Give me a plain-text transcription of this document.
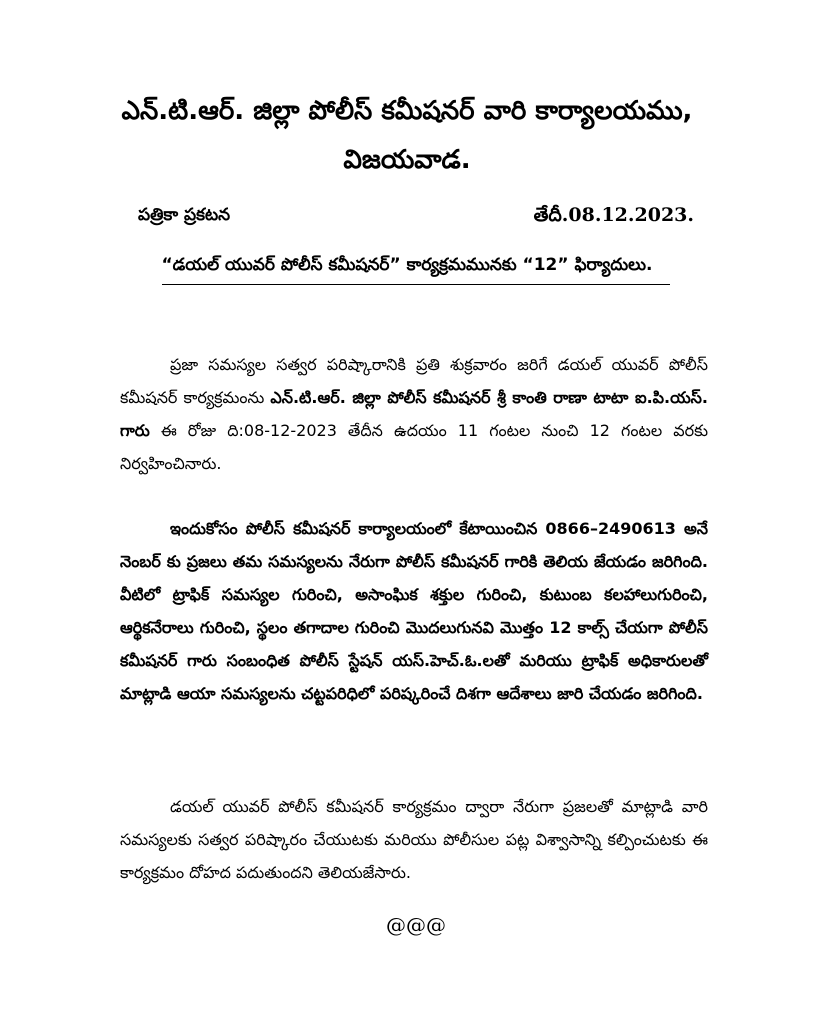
ఎన్.టి.ఆర్. జిల్లా పోలీస్ కమీషనర్ వారి కార్యాలయము,
విజయవాడ.
పత్రికా ప్రకటన	తేదీ.08.12.2023.
“డయల్ యువర్ పోలీస్ కమీషనర్” కార్యక్రమమునకు “12” ఫిర్యాదులు.

ప్రజా సమస్యల సత్వర పరిష్కారానికి ప్రతి శుక్రవారం జరిగే డయల్ యువర్ పోలీస్ కమీషనర్ కార్యక్రమంను ఎన్.టి.ఆర్. జిల్లా పోలీస్ కమీషనర్ శ్రీ కాంతి రాణా టాటా ఐ.పి.యస్. గారు ఈ రోజు ది:08-12-2023 తేదీన ఉదయం 11 గంటల నుంచి 12 గంటల వరకు నిర్వహించినారు.

ఇందుకోసం పోలీస్ కమీషనర్ కార్యాలయంలో కేటాయించిన 0866–2490613 అనే నెంబర్ కు ప్రజలు తమ సమస్యలను నేరుగా పోలీస్ కమీషనర్ గారికి తెలియ జేయడం జరిగింది. వీటిలో ట్రాఫిక్ సమస్యల గురించి, అసాంఘిక శక్తుల గురించి, కుటుంబ కలహాలుగురించి, ఆర్థికనేరాలు గురించి, స్థలం తగాదాల గురించి మొదలుగునవి మొత్తం 12 కాల్స్ చేయగా పోలీస్ కమీషనర్ గారు సంబంధిత పోలీస్ స్టేషన్ యస్.హెచ్.ఓ.లతో మరియు ట్రాఫిక్ అధికారులతో మాట్లాడి ఆయా సమస్యలను చట్టపరిధిలో పరిష్కరించే దిశగా ఆదేశాలు జారి చేయడం జరిగింది.

డయల్ యువర్ పోలీస్ కమీషనర్ కార్యక్రమం ద్వారా నేరుగా ప్రజలతో మాట్లాడి వారి సమస్యలకు సత్వర పరిష్కారం చేయుటకు మరియు పోలీసుల పట్ల విశ్వాసాన్ని కల్పించుటకు ఈ కార్యక్రమం దోహద పదుతుందని తెలియజేసారు.

@@@
